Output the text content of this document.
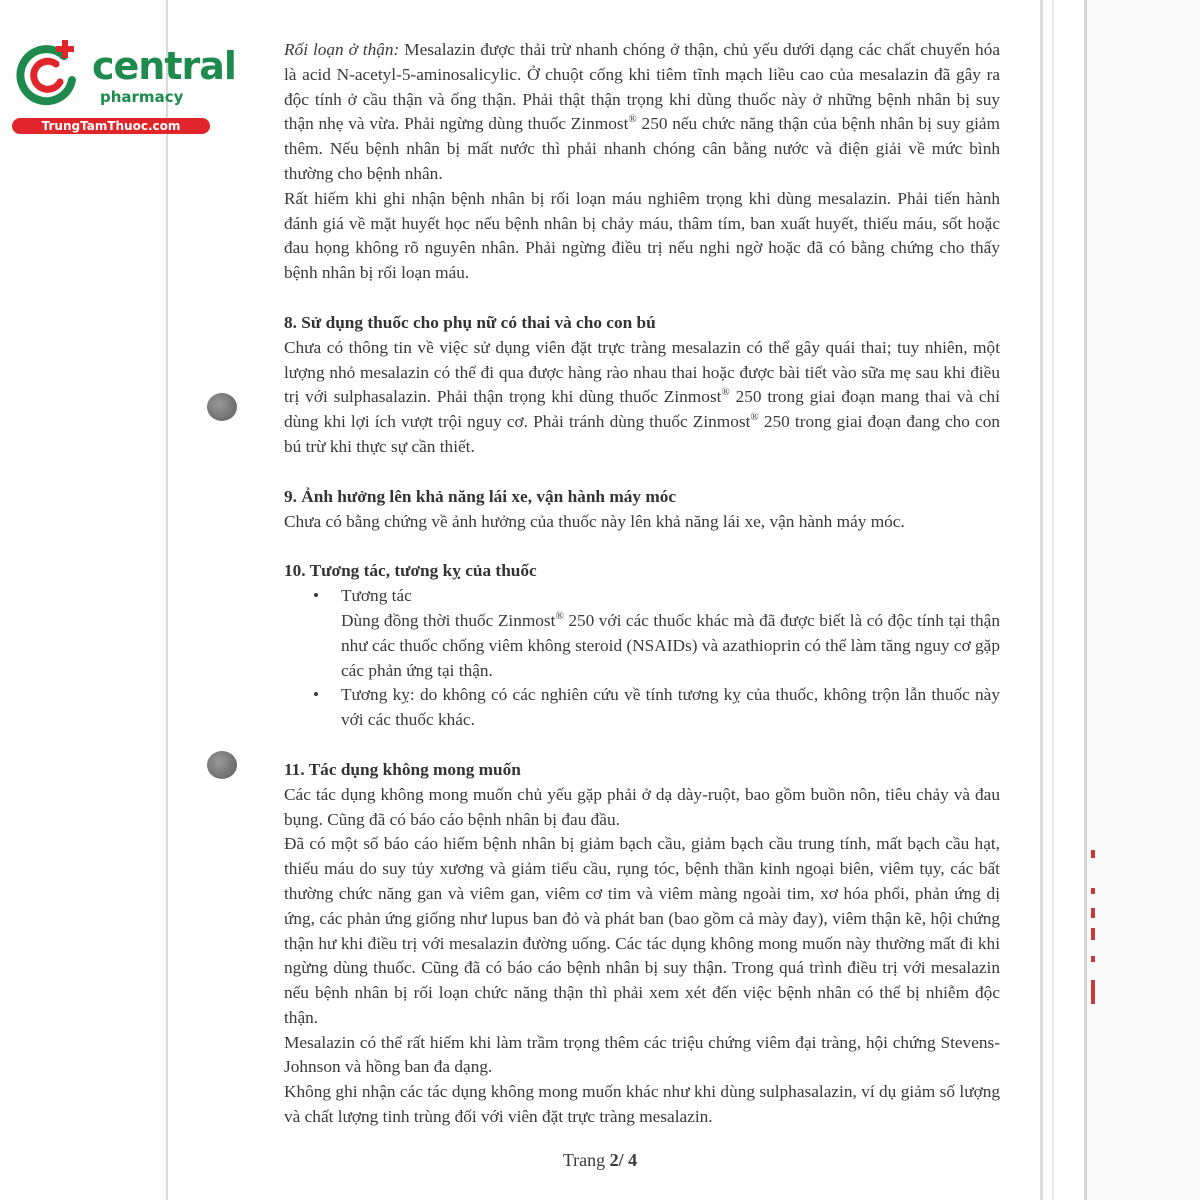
central
pharmacy
TrungTamThuoc.com

Rối loạn ở thận: Mesalazin được thải trừ nhanh chóng ở thận, chủ yếu dưới dạng các chất chuyển hóa là acid N-acetyl-5-aminosalicylic. Ở chuột cống khi tiêm tĩnh mạch liều cao của mesalazin đã gây ra độc tính ở cầu thận và ống thận. Phải thật thận trọng khi dùng thuốc này ở những bệnh nhân bị suy thận nhẹ và vừa. Phải ngừng dùng thuốc Zinmost® 250 nếu chức năng thận của bệnh nhân bị suy giảm thêm. Nếu bệnh nhân bị mất nước thì phải nhanh chóng cân bằng nước và điện giải về mức bình thường cho bệnh nhân.

Rất hiếm khi ghi nhận bệnh nhân bị rối loạn máu nghiêm trọng khi dùng mesalazin. Phải tiến hành đánh giá về mặt huyết học nếu bệnh nhân bị chảy máu, thâm tím, ban xuất huyết, thiếu máu, sốt hoặc đau họng không rõ nguyên nhân. Phải ngừng điều trị nếu nghi ngờ hoặc đã có bằng chứng cho thấy bệnh nhân bị rối loạn máu.

8. Sử dụng thuốc cho phụ nữ có thai và cho con bú

Chưa có thông tin về việc sử dụng viên đặt trực tràng mesalazin có thể gây quái thai; tuy nhiên, một lượng nhỏ mesalazin có thể đi qua được hàng rào nhau thai hoặc được bài tiết vào sữa mẹ sau khi điều trị với sulphasalazin. Phải thận trọng khi dùng thuốc Zinmost® 250 trong giai đoạn mang thai và chỉ dùng khi lợi ích vượt trội nguy cơ. Phải tránh dùng thuốc Zinmost® 250 trong giai đoạn đang cho con bú trừ khi thực sự cần thiết.

9. Ảnh hưởng lên khả năng lái xe, vận hành máy móc

Chưa có bằng chứng về ảnh hưởng của thuốc này lên khả năng lái xe, vận hành máy móc.

10. Tương tác, tương kỵ của thuốc

• Tương tác
Dùng đồng thời thuốc Zinmost® 250 với các thuốc khác mà đã được biết là có độc tính tại thận như các thuốc chống viêm không steroid (NSAIDs) và azathioprin có thể làm tăng nguy cơ gặp các phản ứng tại thận.
• Tương kỵ: do không có các nghiên cứu về tính tương kỵ của thuốc, không trộn lẫn thuốc này với các thuốc khác.

11. Tác dụng không mong muốn

Các tác dụng không mong muốn chủ yếu gặp phải ở dạ dày-ruột, bao gồm buồn nôn, tiêu chảy và đau bụng. Cũng đã có báo cáo bệnh nhân bị đau đầu.

Đã có một số báo cáo hiếm bệnh nhân bị giảm bạch cầu, giảm bạch cầu trung tính, mất bạch cầu hạt, thiếu máu do suy tủy xương và giảm tiểu cầu, rụng tóc, bệnh thần kinh ngoại biên, viêm tụy, các bất thường chức năng gan và viêm gan, viêm cơ tim và viêm màng ngoài tim, xơ hóa phổi, phản ứng dị ứng, các phản ứng giống như lupus ban đỏ và phát ban (bao gồm cả mày đay), viêm thận kẽ, hội chứng thận hư khi điều trị với mesalazin đường uống. Các tác dụng không mong muốn này thường mất đi khi ngừng dùng thuốc. Cũng đã có báo cáo bệnh nhân bị suy thận. Trong quá trình điều trị với mesalazin nếu bệnh nhân bị rối loạn chức năng thận thì phải xem xét đến việc bệnh nhân có thể bị nhiễm độc thận.

Mesalazin có thể rất hiếm khi làm trầm trọng thêm các triệu chứng viêm đại tràng, hội chứng Stevens-Johnson và hồng ban đa dạng.

Không ghi nhận các tác dụng không mong muốn khác như khi dùng sulphasalazin, ví dụ giảm số lượng và chất lượng tinh trùng đối với viên đặt trực tràng mesalazin.

Trang 2/ 4
